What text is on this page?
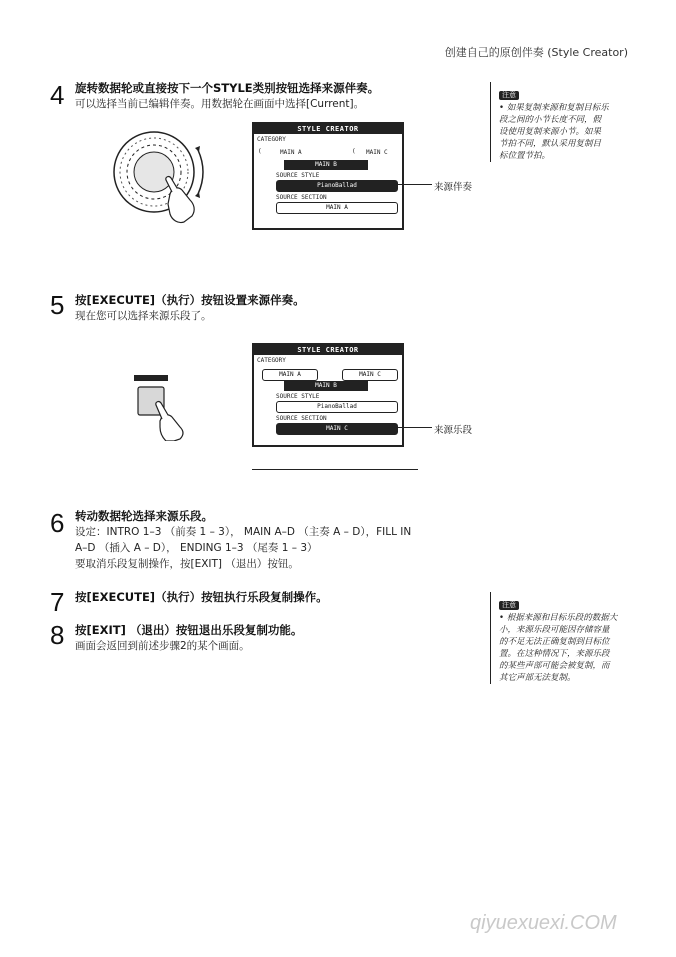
创建自己的原创伴奏 (Style Creator)
4 旋转数据轮或直接按下一个STYLE类别按钮选择来源伴奏。
可以选择当前已编辑伴奏。用数据轮在画面中选择[Current]。
STYLE CREATOR
CATEGORY
(	MAIN A	( MAIN C
MAIN B
SOURCE STYLE
PianoBallad
SOURCE SECTION
MAIN A
来源伴奏
注意
• 如果复制来源和复制目标乐
段之间的小节长度不同，假
设使用复制来源小节。如果
节拍不同，默认采用复制目
标位置节拍。
5 按[EXECUTE]（执行）按钮设置来源伴奏。
现在您可以选择来源乐段了。
STYLE CREATOR
CATEGORY
MAIN A	MAIN C
MAIN B
SOURCE STYLE
PianoBallad
SOURCE SECTION
MAIN C	来源乐段
6 转动数据轮选择来源乐段。
设定：INTRO 1–3 （前奏 1 – 3）， MAIN A–D （主奏 A – D），FILL IN
A–D （插入 A – D）， ENDING 1–3 （尾奏 1 – 3）
要取消乐段复制操作，按[EXIT] （退出）按钮。
7 按[EXECUTE]（执行）按钮执行乐段复制操作。
8 按[EXIT] （退出）按钮退出乐段复制功能。
画面会返回到前述步骤2的某个画面。
注意
• 根据来源和目标乐段的数据大
小，来源乐段可能因存储容量
的不足无法正确复制到目标位
置。在这种情况下，来源乐段
的某些声部可能会被复制，而
其它声部无法复制。
qiyuexuexi.COM
